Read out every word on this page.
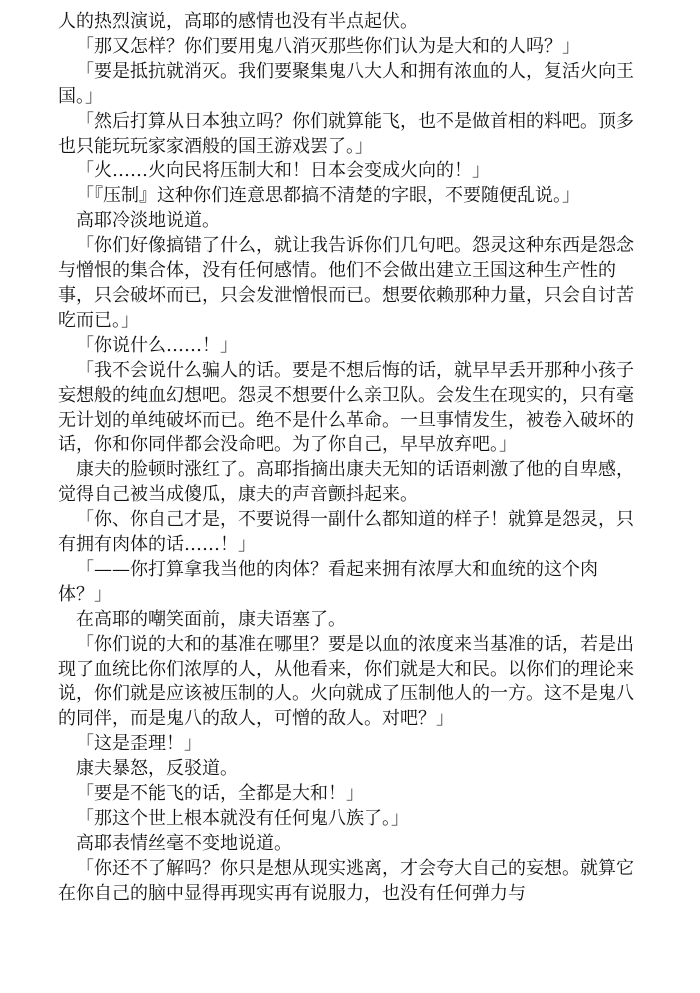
人的热烈演说，高耶的感情也没有半点起伏。

「那又怎样？你们要用鬼八消灭那些你们认为是大和的人吗？」

「要是抵抗就消灭。我们要聚集鬼八大人和拥有浓血的人，复活火向王国。」

「然后打算从日本独立吗？你们就算能飞，也不是做首相的料吧。顶多也只能玩玩家家酒般的国王游戏罢了。」

「火……火向民将压制大和！日本会变成火向的！」

「『压制』这种你们连意思都搞不清楚的字眼，不要随便乱说。」

高耶冷淡地说道。

「你们好像搞错了什么，就让我告诉你们几句吧。怨灵这种东西是怨念与憎恨的集合体，没有任何感情。他们不会做出建立王国这种生产性的事，只会破坏而已，只会发泄憎恨而已。想要依赖那种力量，只会自讨苦吃而已。」

「你说什么……！」

「我不会说什么骗人的话。要是不想后悔的话，就早早丢开那种小孩子妄想般的纯血幻想吧。怨灵不想要什么亲卫队。会发生在现实的，只有毫无计划的单纯破坏而已。绝不是什么革命。一旦事情发生，被卷入破坏的话，你和你同伴都会没命吧。为了你自己，早早放弃吧。」

康夫的脸顿时涨红了。高耶指摘出康夫无知的话语刺激了他的自卑感，觉得自己被当成傻瓜，康夫的声音颤抖起来。

「你、你自己才是，不要说得一副什么都知道的样子！就算是怨灵，只有拥有肉体的话……！」

「——你打算拿我当他的肉体？看起来拥有浓厚大和血统的这个肉体？」

在高耶的嘲笑面前，康夫语塞了。

「你们说的大和的基准在哪里？要是以血的浓度来当基准的话，若是出现了血统比你们浓厚的人，从他看来，你们就是大和民。以你们的理论来说，你们就是应该被压制的人。火向就成了压制他人的一方。这不是鬼八的同伴，而是鬼八的敌人，可憎的敌人。对吧？」

「这是歪理！」

康夫暴怒，反驳道。

「要是不能飞的话，全都是大和！」

「那这个世上根本就没有任何鬼八族了。」

高耶表情丝毫不变地说道。

「你还不了解吗？你只是想从现实逃离，才会夸大自己的妄想。就算它在你自己的脑中显得再现实再有说服力，也没有任何弹力与
